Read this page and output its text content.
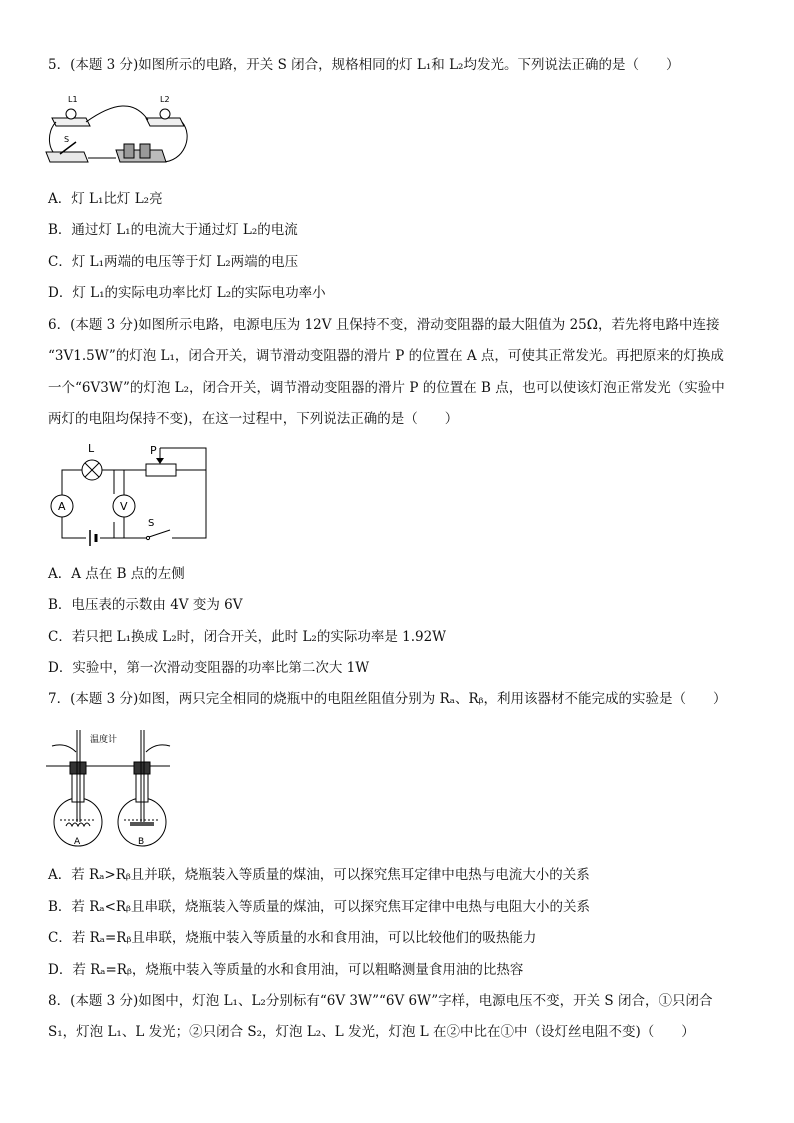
5．(本题 3 分)如图所示的电路，开关 S 闭合，规格相同的灯 L₁和 L₂均发光。下列说法正确的是（　　）
L1	L2
S
A．灯 L₁比灯 L₂亮
B．通过灯 L₁的电流大于通过灯 L₂的电流
C．灯 L₁两端的电压等于灯 L₂两端的电压
D．灯 L₁的实际电功率比灯 L₂的实际电功率小
6．(本题 3 分)如图所示电路，电源电压为 12V 且保持不变，滑动变阻器的最大阻值为 25Ω，若先将电路中连接
“3V1.5W”的灯泡 L₁，闭合开关，调节滑动变阻器的滑片 P 的位置在 A 点，可使其正常发光。再把原来的灯换成
一个“6V3W”的灯泡 L₂，闭合开关，调节滑动变阻器的滑片 P 的位置在 B 点，也可以使该灯泡正常发光（实验中
两灯的电阻均保持不变)，在这一过程中，下列说法正确的是（　　）
L	P
A	V
S
A．A 点在 B 点的左侧
B．电压表的示数由 4V 变为 6V
C．若只把 L₁换成 L₂时，闭合开关，此时 L₂的实际功率是 1.92W
D．实验中，第一次滑动变阻器的功率比第二次大 1W
7．(本题 3 分)如图，两只完全相同的烧瓶中的电阻丝阻值分别为 Rₐ、Rᵦ，利用该器材不能完成的实验是（　　）
温度计
A	B
A．若 Rₐ>Rᵦ且并联，烧瓶装入等质量的煤油，可以探究焦耳定律中电热与电流大小的关系
B．若 Rₐ<Rᵦ且串联，烧瓶装入等质量的煤油，可以探究焦耳定律中电热与电阻大小的关系
C．若 Rₐ=Rᵦ且串联，烧瓶中装入等质量的水和食用油，可以比较他们的吸热能力
D．若 Rₐ=Rᵦ，烧瓶中装入等质量的水和食用油，可以粗略测量食用油的比热容
8．(本题 3 分)如图中，灯泡 L₁、L₂分别标有“6V 3W”“6V 6W”字样，电源电压不变，开关 S 闭合，①只闭合
S₁，灯泡 L₁、L 发光；②只闭合 S₂，灯泡 L₂、L 发光，灯泡 L 在②中比在①中（设灯丝电阻不变)（　　）
